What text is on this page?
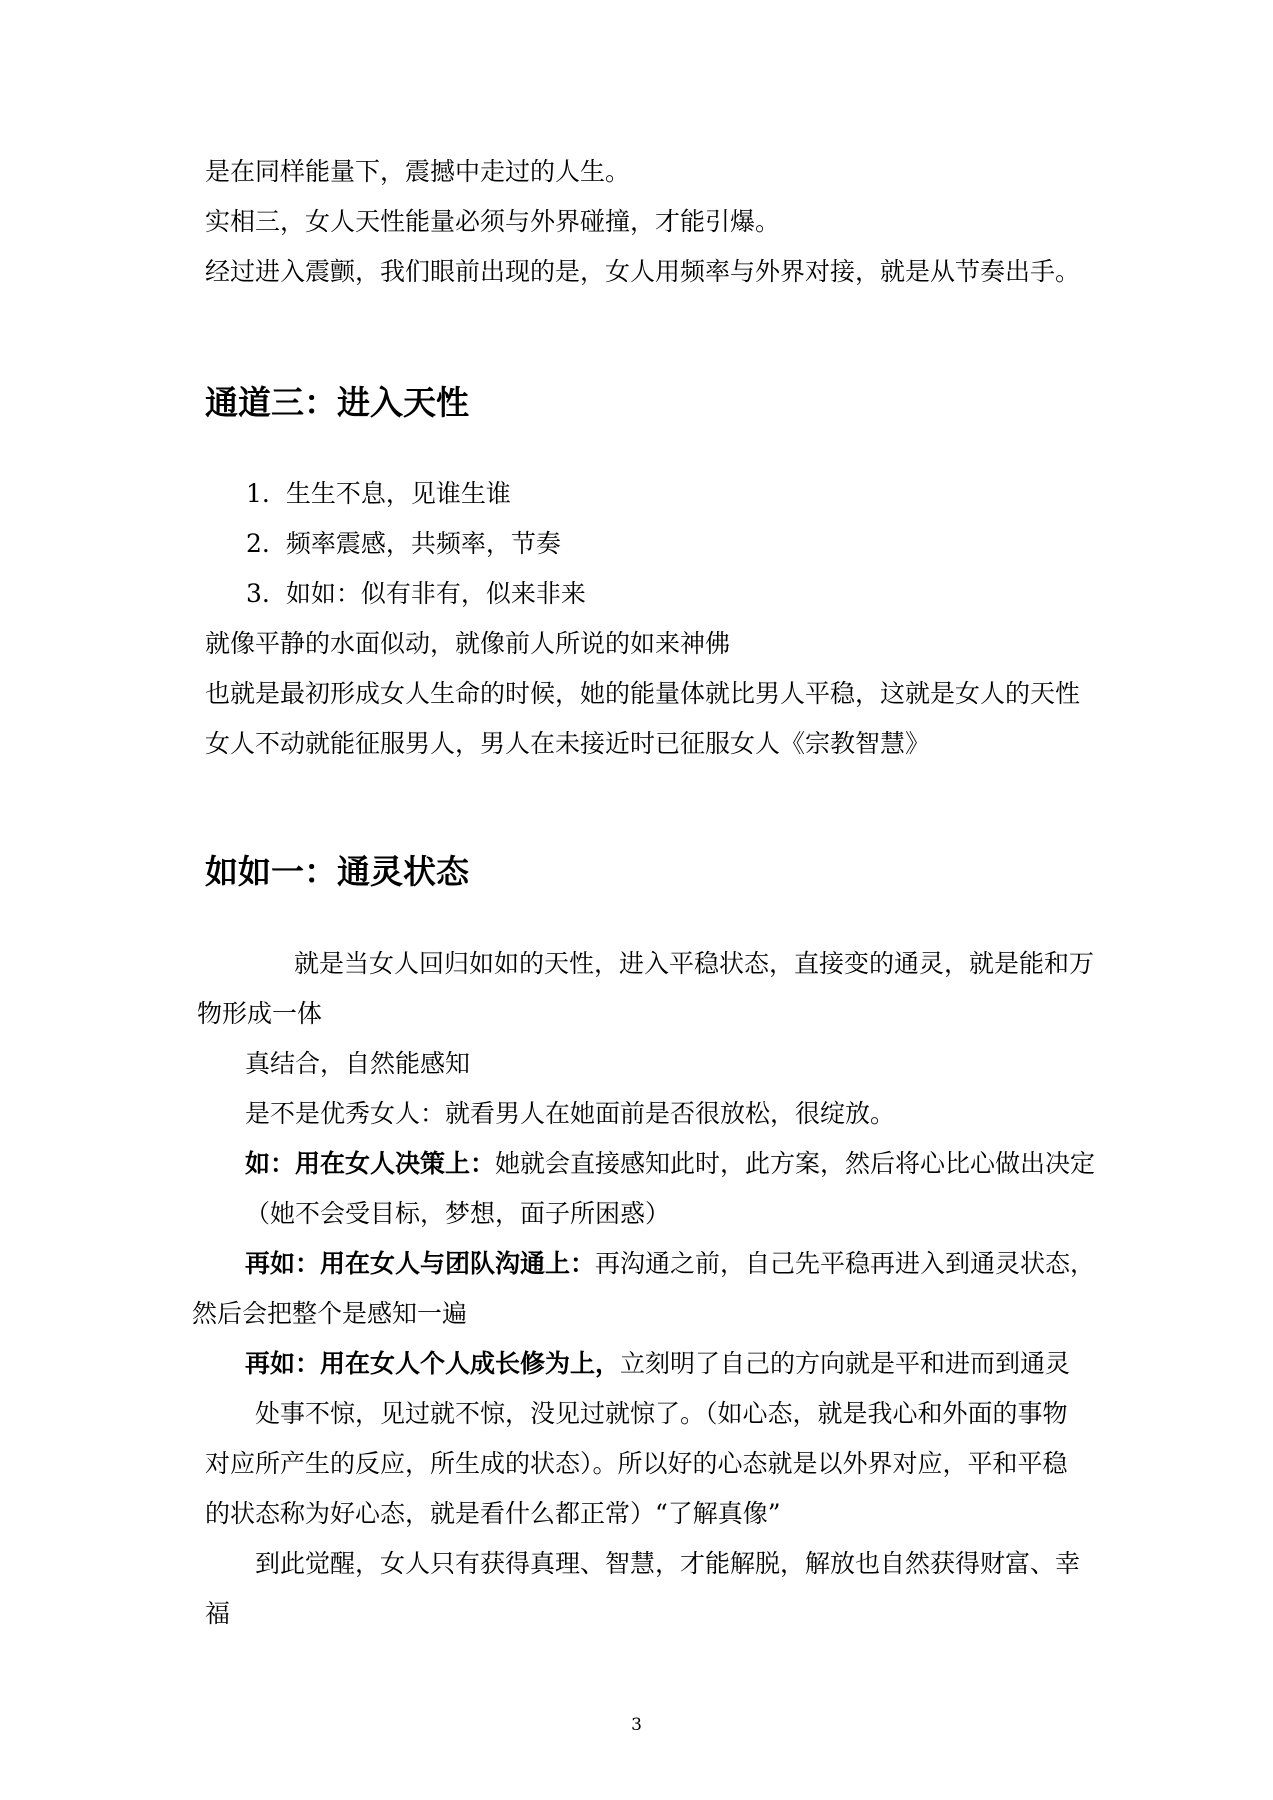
是在同样能量下，震撼中走过的人生。
实相三，女人天性能量必须与外界碰撞，才能引爆。
经过进入震颤，我们眼前出现的是，女人用频率与外界对接，就是从节奏出手。
通道三：进入天性
1. 生生不息，见谁生谁
2. 频率震感，共频率，节奏
3. 如如：似有非有，似来非来
就像平静的水面似动，就像前人所说的如来神佛
也就是最初形成女人生命的时候，她的能量体就比男人平稳，这就是女人的天性
女人不动就能征服男人，男人在未接近时已征服女人《宗教智慧》
如如一：通灵状态
就是当女人回归如如的天性，进入平稳状态，直接变的通灵，就是能和万
物形成一体
真结合，自然能感知
是不是优秀女人：就看男人在她面前是否很放松，很绽放。
如：用在女人决策上：她就会直接感知此时，此方案，然后将心比心做出决定
（她不会受目标，梦想，面子所困惑）
再如：用在女人与团队沟通上：再沟通之前，自己先平稳再进入到通灵状态，
然后会把整个是感知一遍
再如：用在女人个人成长修为上，立刻明了自己的方向就是平和进而到通灵
处事不惊，见过就不惊，没见过就惊了。（如心态，就是我心和外面的事物
对应所产生的反应，所生成的状态）。所以好的心态就是以外界对应，平和平稳
的状态称为好心态，就是看什么都正常）“了解真像”
到此觉醒，女人只有获得真理、智慧，才能解脱，解放也自然获得财富、幸
福
3
